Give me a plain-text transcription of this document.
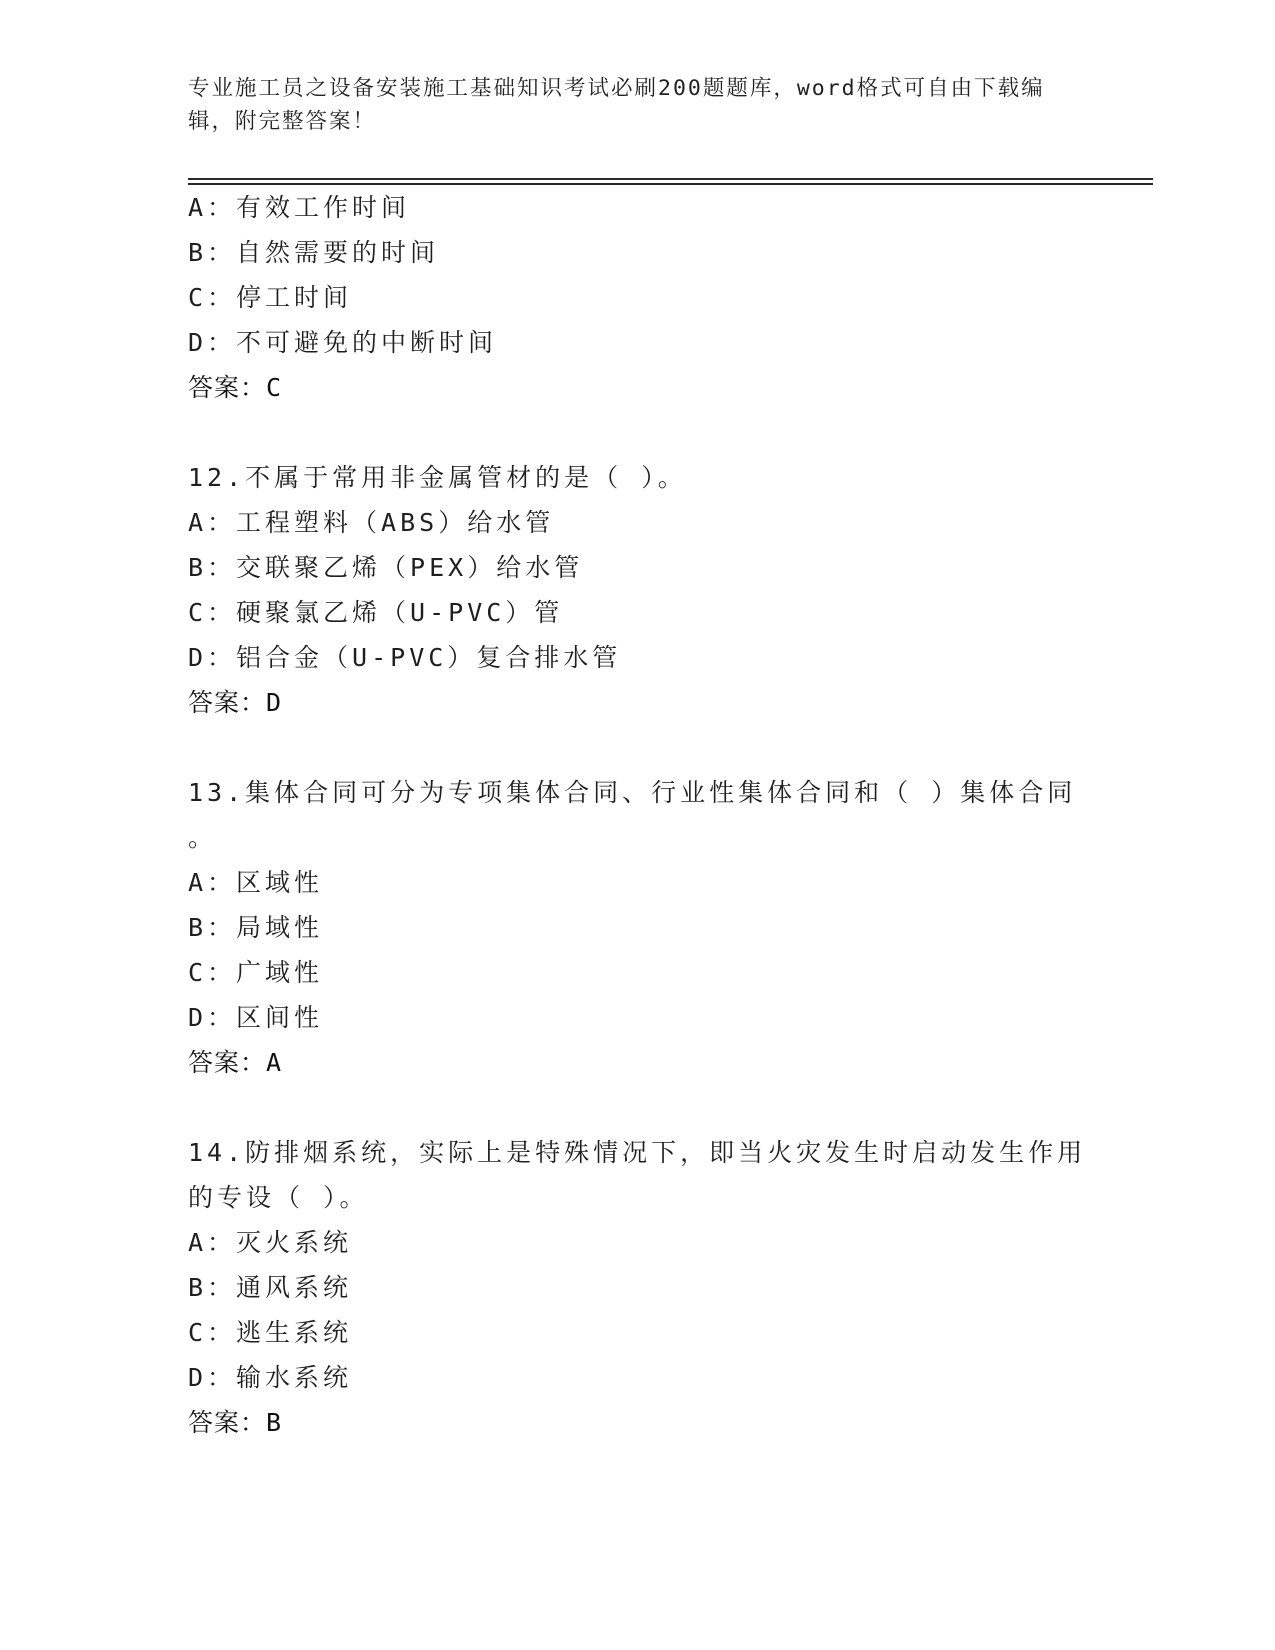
专业施工员之设备安装施工基础知识考试必刷200题题库，word格式可自由下载编辑，附完整答案！
A：有效工作时间
B：自然需要的时间
C：停工时间
D：不可避免的中断时间
答案：C
12.不属于常用非金属管材的是（ ）。
A：工程塑料（ABS）给水管
B：交联聚乙烯（PEX）给水管
C：硬聚氯乙烯（U-PVC）管
D：铝合金（U-PVC）复合排水管
答案：D
13.集体合同可分为专项集体合同、行业性集体合同和（ ）集体合同
。
A：区域性
B：局域性
C：广域性
D：区间性
答案：A
14.防排烟系统，实际上是特殊情况下，即当火灾发生时启动发生作用
的专设（ ）。
A：灭火系统
B：通风系统
C：逃生系统
D：输水系统
答案：B
